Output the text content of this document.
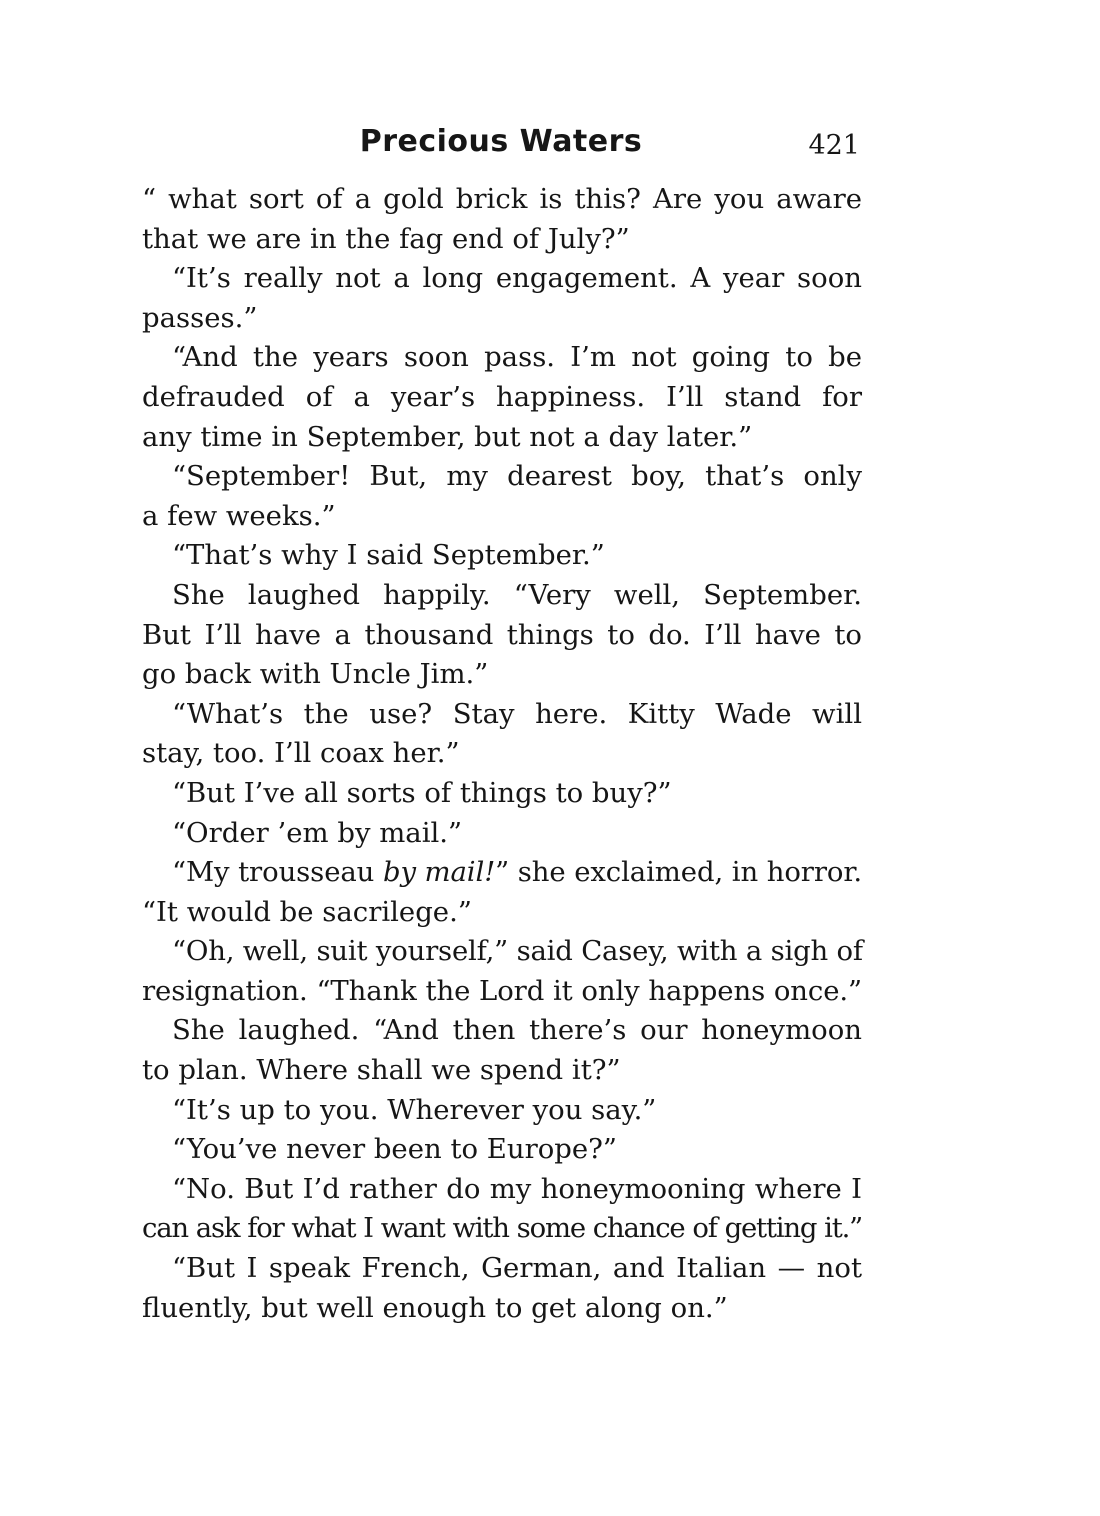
Precious Waters	421
“ what sort of a gold brick is this? Are you aware
that we are in the fag end of July?”
“It’s really not a long engagement. A year soon
passes.”
“And the years soon pass. I’m not going to be
defrauded of a year’s happiness. I’ll stand for
any time in September, but not a day later.”
“September! But, my dearest boy, that’s only
a few weeks.”
“That’s why I said September.”
She laughed happily. “Very well, September.
But I’ll have a thousand things to do. I’ll have to
go back with Uncle Jim.”
“What’s the use? Stay here. Kitty Wade will
stay, too. I’ll coax her.”
“But I’ve all sorts of things to buy?”
“Order ’em by mail.”
“My trousseau by mail!” she exclaimed, in horror.
“It would be sacrilege.”
“Oh, well, suit yourself,” said Casey, with a sigh of
resignation. “Thank the Lord it only happens once.”
She laughed. “And then there’s our honeymoon
to plan. Where shall we spend it?”
“It’s up to you. Wherever you say.”
“You’ve never been to Europe?”
“No. But I’d rather do my honeymooning where I
can ask for what I want with some chance of getting it.”
“But I speak French, German, and Italian — not
fluently, but well enough to get along on.”
